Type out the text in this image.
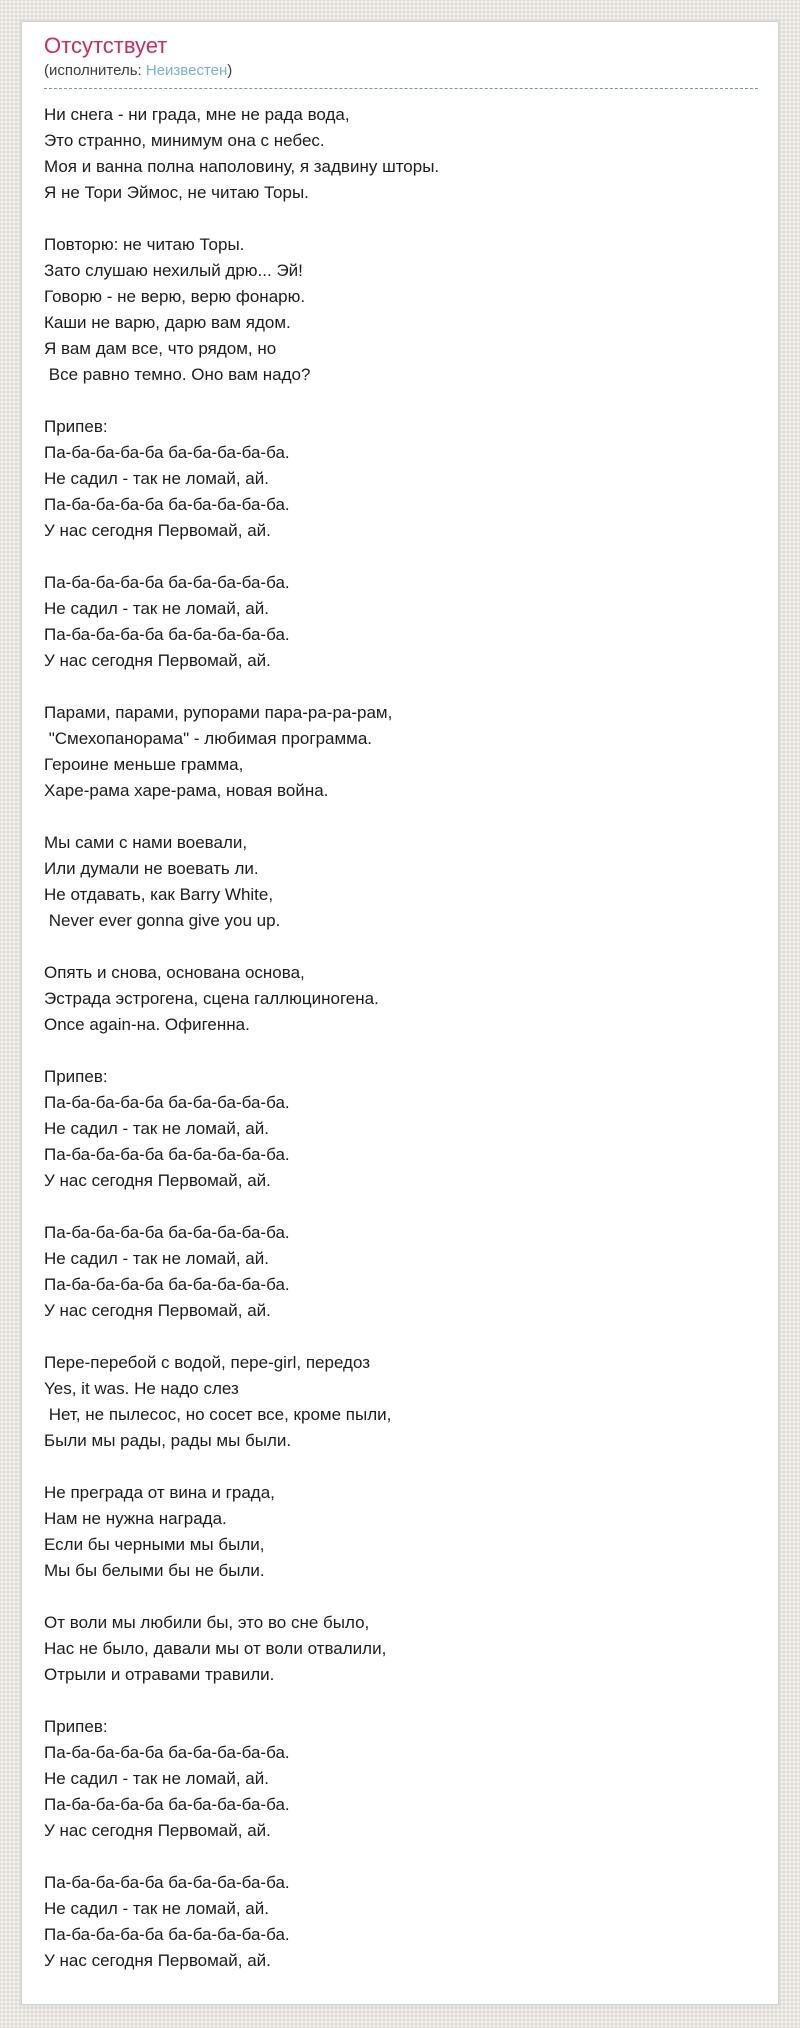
Отсутствует
(исполнитель: Неизвестен)
Ни снега - ни града, мне не рада вода,
Это странно, минимум она с небес.
Моя и ванна полна наполовину, я задвину шторы.
Я не Тори Эймос, не читаю Торы.
Повторю: не читаю Торы.
Зато слушаю нехилый дрю... Эй!
Говорю - не верю, верю фонарю.
Каши не варю, дарю вам ядом.
Я вам дам все, что рядом, но
Все равно темно. Оно вам надо?
Припев:
Па-ба-ба-ба-ба ба-ба-ба-ба-ба.
Не садил - так не ломай, ай.
Па-ба-ба-ба-ба ба-ба-ба-ба-ба.
У нас сегодня Первомай, ай.
Па-ба-ба-ба-ба ба-ба-ба-ба-ба.
Не садил - так не ломай, ай.
Па-ба-ба-ба-ба ба-ба-ба-ба-ба.
У нас сегодня Первомай, ай.
Парами, парами, рупорами пара-ра-ра-рам,
"Смехопанорама" - любимая программа.
Героине меньше грамма,
Харе-рама харе-рама, новая война.
Мы сами с нами воевали,
Или думали не воевать ли.
Не отдавать, как Barry White,
Never ever gonna give you up.
Опять и снова, основана основа,
Эстрада эстрогена, сцена галлюциногена.
Once again-на. Офигенна.
Припев:
Па-ба-ба-ба-ба ба-ба-ба-ба-ба.
Не садил - так не ломай, ай.
Па-ба-ба-ба-ба ба-ба-ба-ба-ба.
У нас сегодня Первомай, ай.
Па-ба-ба-ба-ба ба-ба-ба-ба-ба.
Не садил - так не ломай, ай.
Па-ба-ба-ба-ба ба-ба-ба-ба-ба.
У нас сегодня Первомай, ай.
Пере-перебой с водой, пере-girl, передоз
Yes, it was. Не надо слез
Нет, не пылесос, но сосет все, кроме пыли,
Были мы рады, рады мы были.
Не преграда от вина и града,
Нам не нужна награда.
Если бы черными мы были,
Мы бы белыми бы не были.
От воли мы любили бы, это во сне было,
Нас не было, давали мы от воли отвалили,
Отрыли и отравами травили.
Припев:
Па-ба-ба-ба-ба ба-ба-ба-ба-ба.
Не садил - так не ломай, ай.
Па-ба-ба-ба-ба ба-ба-ба-ба-ба.
У нас сегодня Первомай, ай.
Па-ба-ба-ба-ба ба-ба-ба-ба-ба.
Не садил - так не ломай, ай.
Па-ба-ба-ба-ба ба-ба-ба-ба-ба.
У нас сегодня Первомай, ай.
